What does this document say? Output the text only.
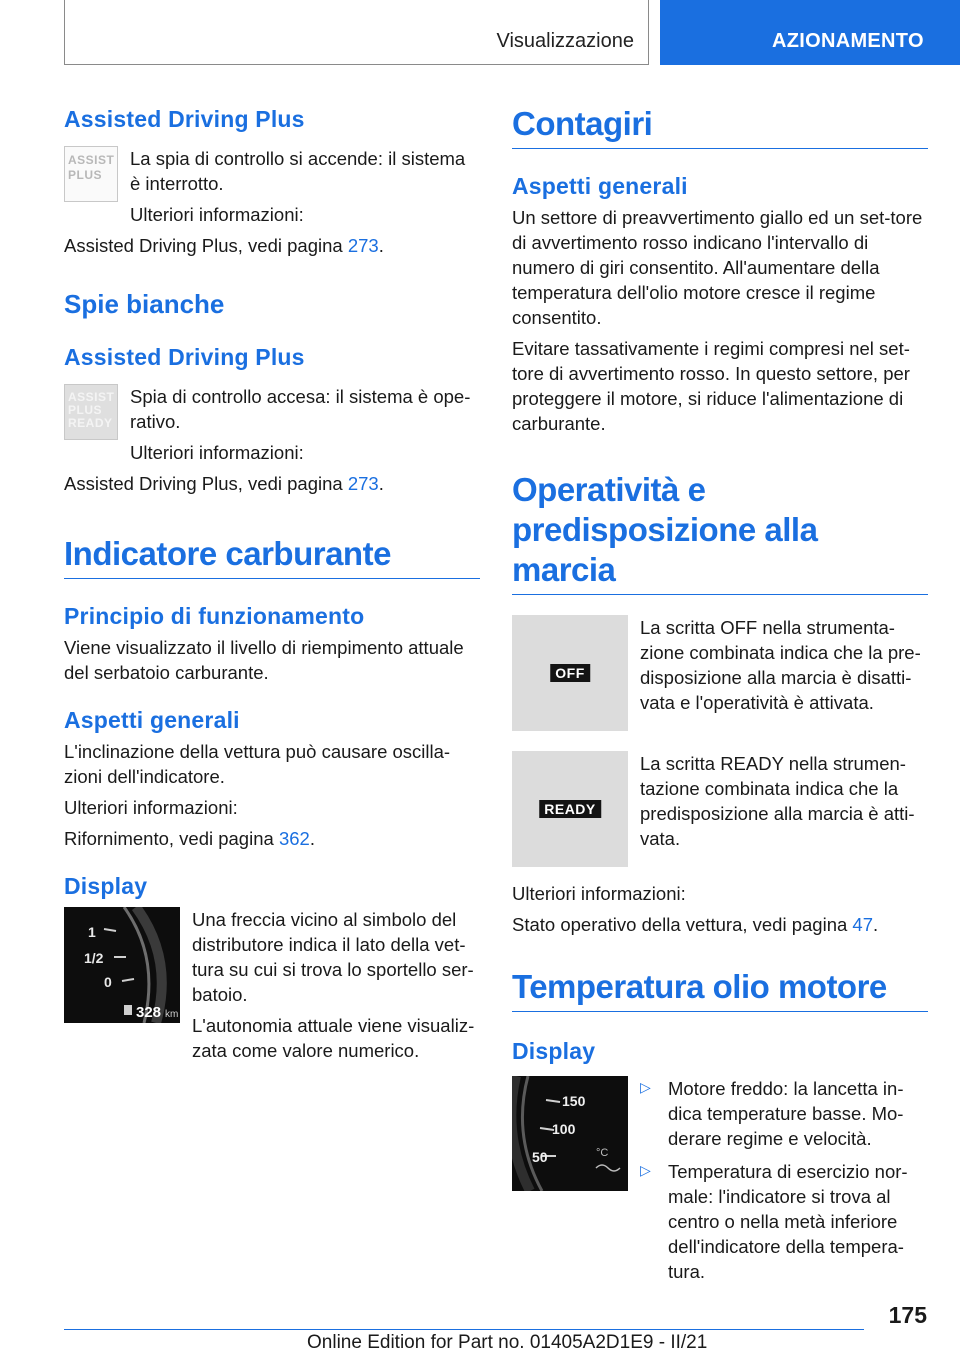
Visualizzazione	AZIONAMENTO
Assisted Driving Plus
ASSIST
PLUS

La spia di controllo si accende: il sistema è interrotto.

Ulteriori informazioni:

Assisted Driving Plus, vedi pagina 273.

Spie bianche
Assisted Driving Plus
ASSIST
PLUS
READY

Spia di controllo accesa: il sistema è ope-rativo.

Ulteriori informazioni:

Assisted Driving Plus, vedi pagina 273.

Indicatore carburante
Principio di funzionamento

Viene visualizzato il livello di riempimento attuale del serbatoio carburante.

Aspetti generali

L'inclinazione della vettura può causare oscilla-zioni dell'indicatore.

Ulteriori informazioni:

Rifornimento, vedi pagina 362.

Display
1
1/2
0
328 km

Una freccia vicino al simbolo del distributore indica il lato della vet-tura su cui si trova lo sportello ser-batoio.

L'autonomia attuale viene visualiz-zata come valore numerico.

Contagiri
Aspetti generali

Un settore di preavvertimento giallo ed un set-tore di avvertimento rosso indicano l'intervallo di numero di giri consentito. All'aumentare della temperatura dell'olio motore cresce il regime consentito.

Evitare tassativamente i regimi compresi nel set-tore di avvertimento rosso. In questo settore, per proteggere il motore, si riduce l'alimentazione di carburante.

Operatività e
predisposizione alla marcia
OFF

La scritta OFF nella strumenta-zione combinata indica che la pre-disposizione alla marcia è disatti-vata e l'operatività è attivata.

READY

La scritta READY nella strumen-tazione combinata indica che la predisposizione alla marcia è atti-vata.

Ulteriori informazioni:

Stato operativo della vettura, vedi pagina 47.

Temperatura olio motore
Display
150
100
50	°C
▷ Motore freddo: la lancetta in-dica temperature basse. Mo-derare regime e velocità.

▷ Temperatura di esercizio nor-male: l'indicatore si trova al centro o nella metà inferiore dell'indicatore della tempera-tura.

175
Online Edition for Part no. 01405A2D1E9 - II/21
